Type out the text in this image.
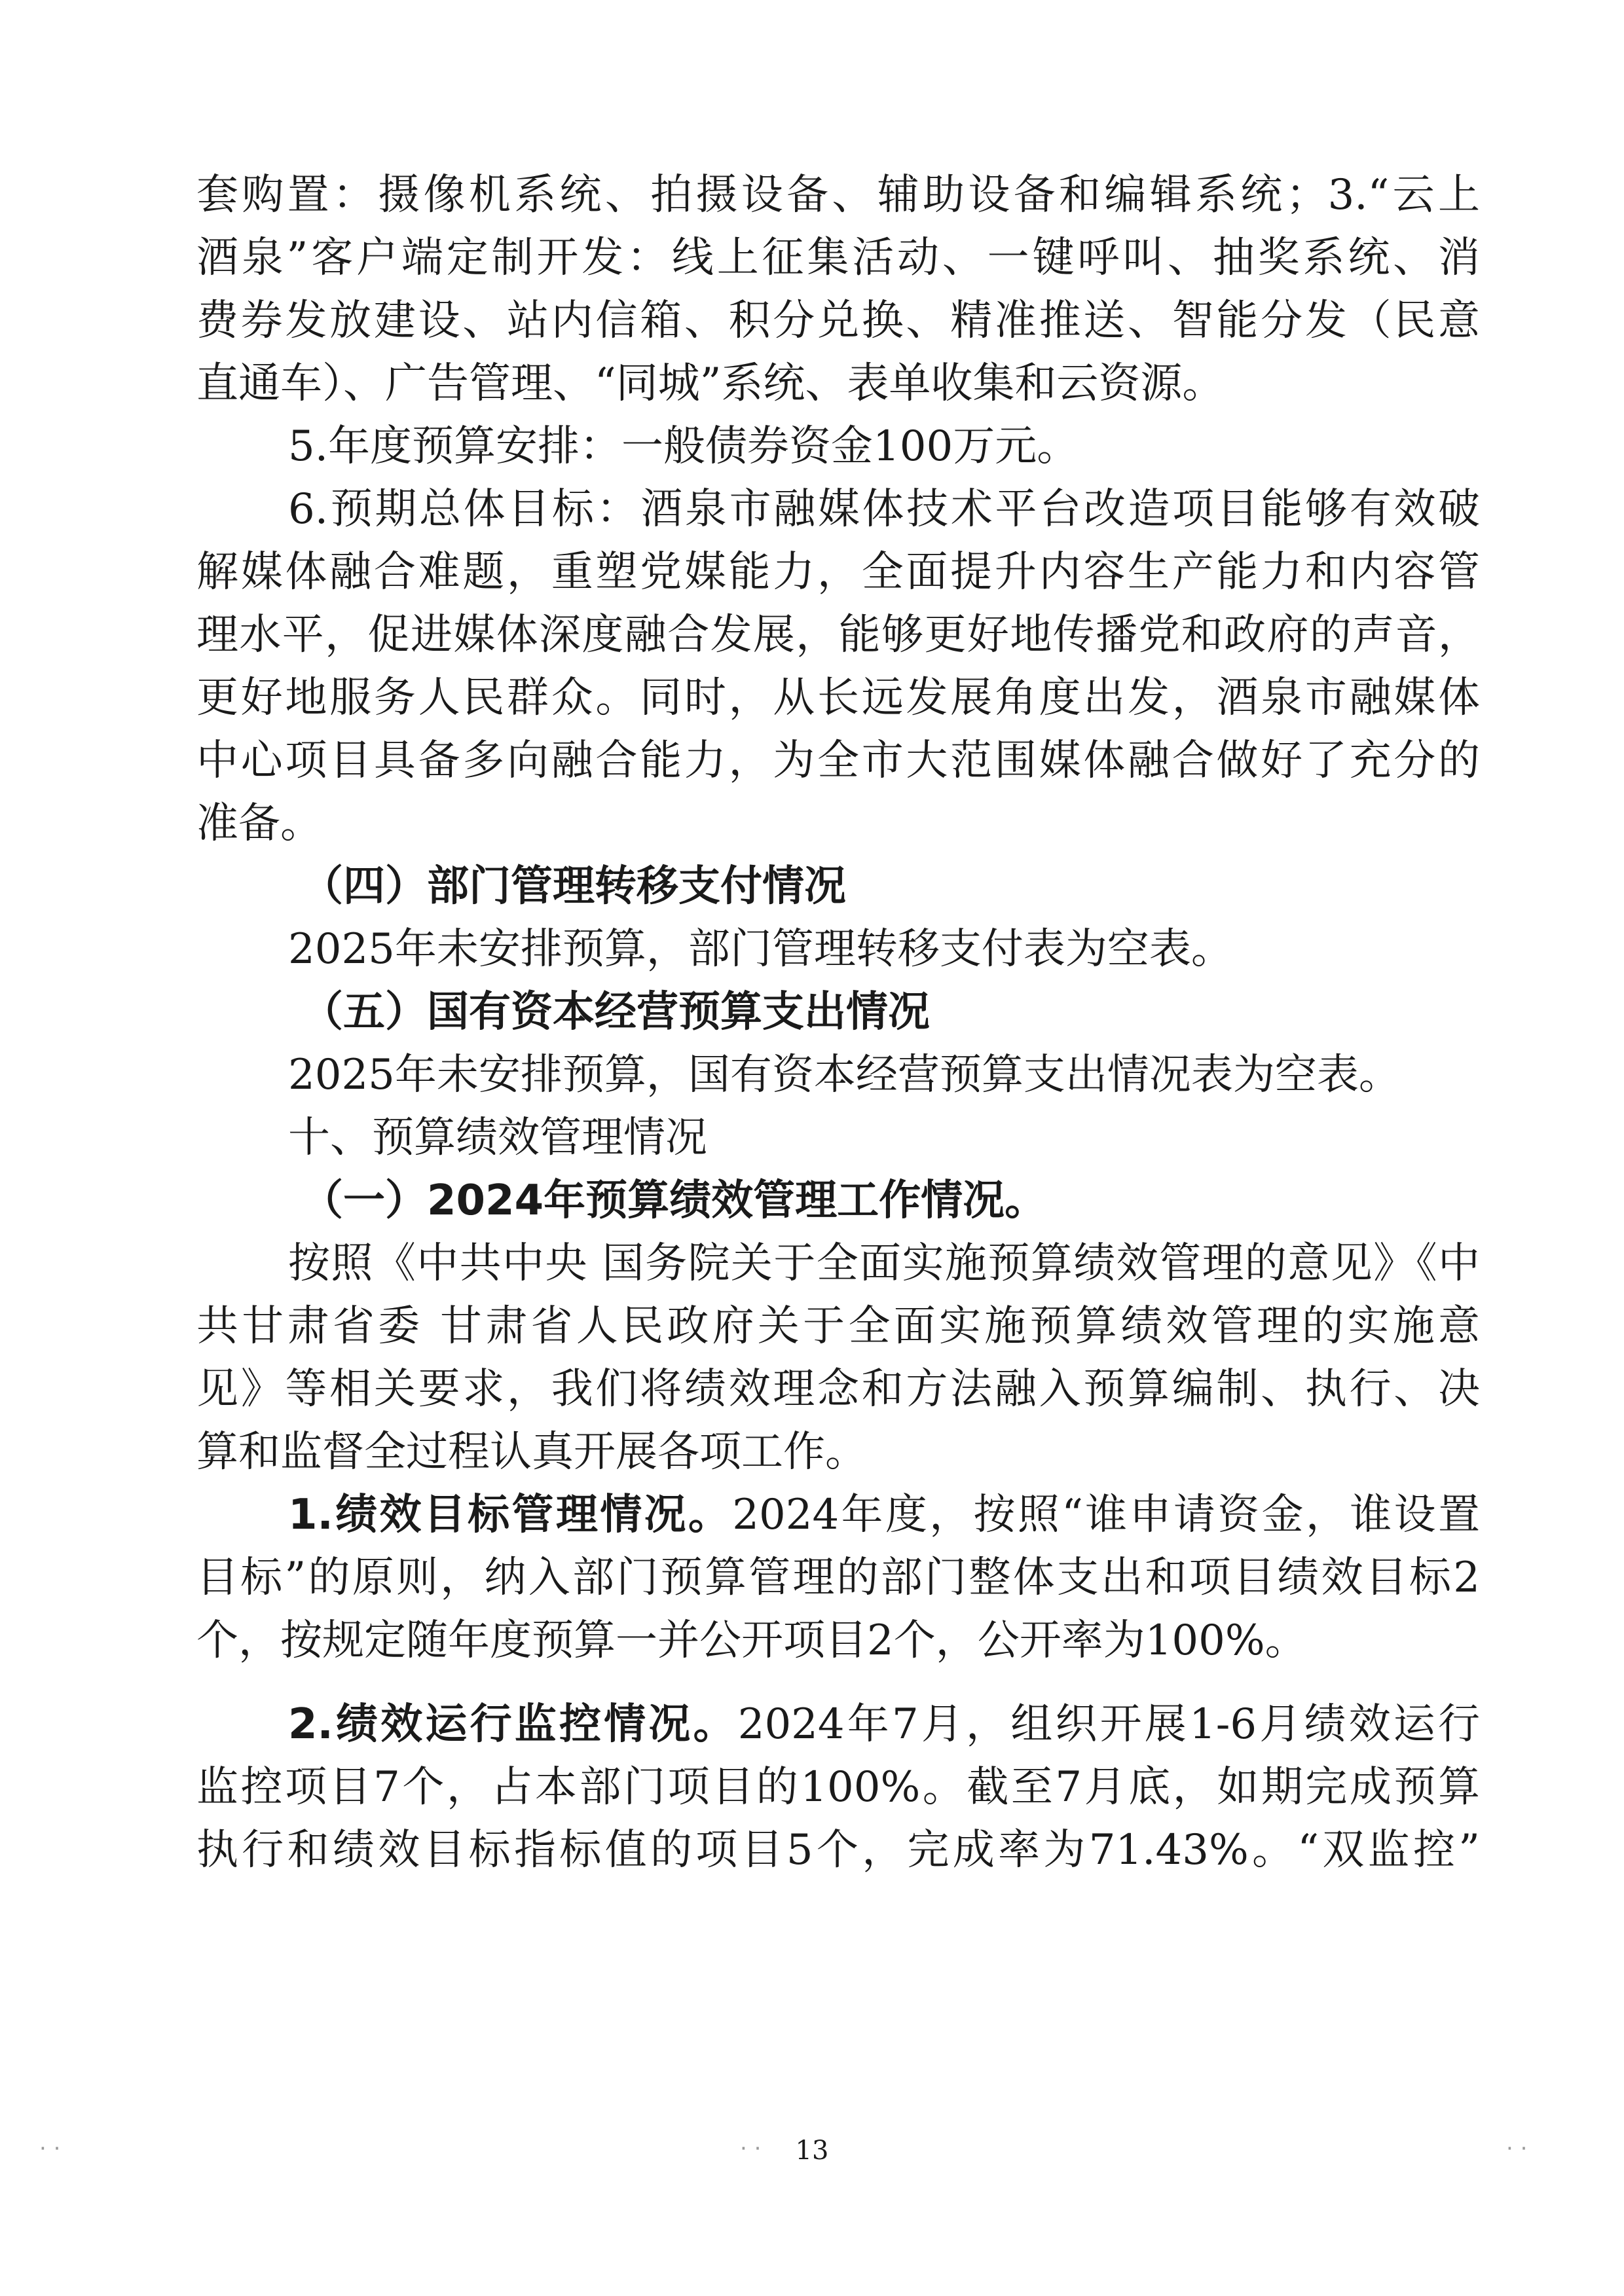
套购置：摄像机系统、拍摄设备、辅助设备和编辑系统；3.“云上
酒泉”客户端定制开发：线上征集活动、一键呼叫、抽奖系统、消
费券发放建设、站内信箱、积分兑换、精准推送、智能分发（民意
直通车）、广告管理、“同城”系统、表单收集和云资源。
5.年度预算安排：一般债券资金100万元。
6.预期总体目标：酒泉市融媒体技术平台改造项目能够有效破
解媒体融合难题，重塑党媒能力，全面提升内容生产能力和内容管
理水平，促进媒体深度融合发展，能够更好地传播党和政府的声音，
更好地服务人民群众。同时，从长远发展角度出发，酒泉市融媒体
中心项目具备多向融合能力，为全市大范围媒体融合做好了充分的
准备。
（四）部门管理转移支付情况
2025年未安排预算，部门管理转移支付表为空表。
（五）国有资本经营预算支出情况
2025年未安排预算，国有资本经营预算支出情况表为空表。
十、预算绩效管理情况
（一）2024年预算绩效管理工作情况。
按照《中共中央 国务院关于全面实施预算绩效管理的意见》《中
共甘肃省委 甘肃省人民政府关于全面实施预算绩效管理的实施意
见》等相关要求，我们将绩效理念和方法融入预算编制、执行、决
算和监督全过程认真开展各项工作。
1.绩效目标管理情况。2024年度，按照“谁申请资金，谁设置
目标”的原则，纳入部门预算管理的部门整体支出和项目绩效目标2
个，按规定随年度预算一并公开项目2个，公开率为100%。
2.绩效运行监控情况。2024年7月，组织开展1-6月绩效运行
监控项目7个，占本部门项目的100%。截至7月底，如期完成预算
执行和绩效目标指标值的项目5个，完成率为71.43%。“双监控”
13
· ·	· ·	· ·
